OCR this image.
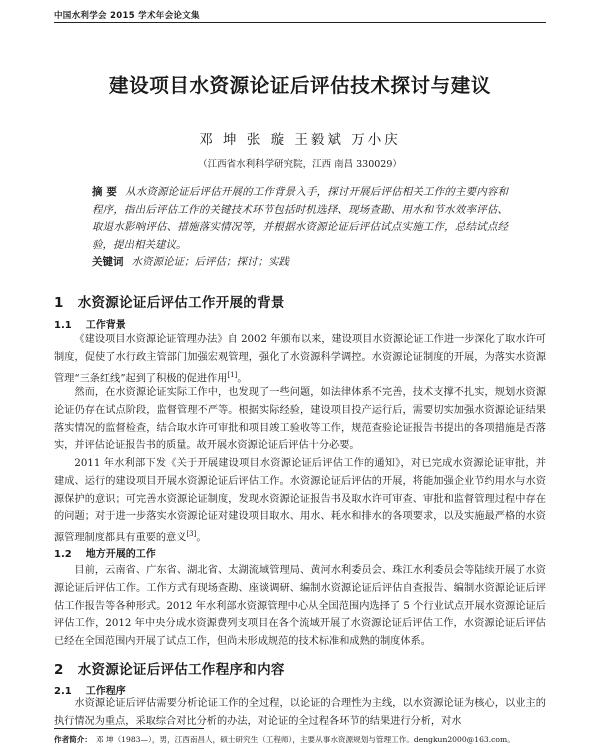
中国水利学会 2015 学术年会论文集
建设项目水资源论证后评估技术探讨与建议
邓 坤 张 璇 王毅斌 万小庆
（江西省水利科学研究院，江西 南昌 330029）
摘 要 从水资源论证后评估开展的工作背景入手，探讨开展后评估相关工作的主要内容和程序，指出后评估工作的关键技术环节包括时机选择、现场查勘、用水和节水效率评估、取退水影响评估、措施落实情况等，并根据水资源论证后评估试点实施工作，总结试点经验，提出相关建议。
关键词 水资源论证；后评估；探讨；实践
1 水资源论证后评估工作开展的背景
1.1 工作背景
《建设项目水资源论证管理办法》自 2002 年颁布以来，建设项目水资源论证工作进一步深化了取水许可制度，促使了水行政主管部门加强宏观管理，强化了水资源科学调控。水资源论证制度的开展，为落实水资源管理“三条红线”起到了积极的促进作用[1]。
然而，在水资源论证实际工作中，也发现了一些问题，如法律体系不完善，技术支撑不扎实，规划水资源论证仍存在试点阶段，监督管理不严等。根据实际经验，建设项目投产运行后，需要切实加强水资源论证结果落实情况的监督检查，结合取水许可审批和项目竣工验收等工作，规范查验论证报告书提出的各项措施是否落实，并评估论证报告书的质量。故开展水资源论证后评估十分必要。
2011 年水利部下发《关于开展建设项目水资源论证后评估工作的通知》，对已完成水资源论证审批，并建成、运行的建设项目开展水资源论证后评估工作。水资源论证后评估的开展，将能加强企业节约用水与水资源保护的意识；可完善水资源论证制度，发现水资源论证报告书及取水许可审查、审批和监督管理过程中存在的问题；对于进一步落实水资源论证对建设项目取水、用水、耗水和排水的各项要求，以及实施最严格的水资源管理制度都具有重要的意义[3]。
1.2 地方开展的工作
目前，云南省、广东省、湖北省、太湖流域管理局、黄河水利委员会、珠江水利委员会等陆续开展了水资源论证后评估工作。工作方式有现场查勘、座谈调研、编制水资源论证后评估自查报告、编制水资源论证后评估工作报告等各种形式。2012 年水利部水资源管理中心从全国范围内选择了 5 个行业试点开展水资源论证后评估工作，2012 年中央分成水资源费列支项目在各个流域开展了水资源论证后评估工作，水资源论证后评估已经在全国范围内开展了试点工作，但尚未形成规范的技术标准和成熟的制度体系。
2 水资源论证后评估工作程序和内容
2.1 工作程序
水资源论证后评估需要分析论证工作的全过程，以论证的合理性为主线，以水资源论证为核心，以业主的执行情况为重点，采取综合对比分析的办法，对论证的全过程各环节的结果进行分析，对水
作者简介： 邓 坤（1983—），男，江西南昌人，硕士研究生（工程师），主要从事水资源规划与管理工作。dengkun2000@163.com。
